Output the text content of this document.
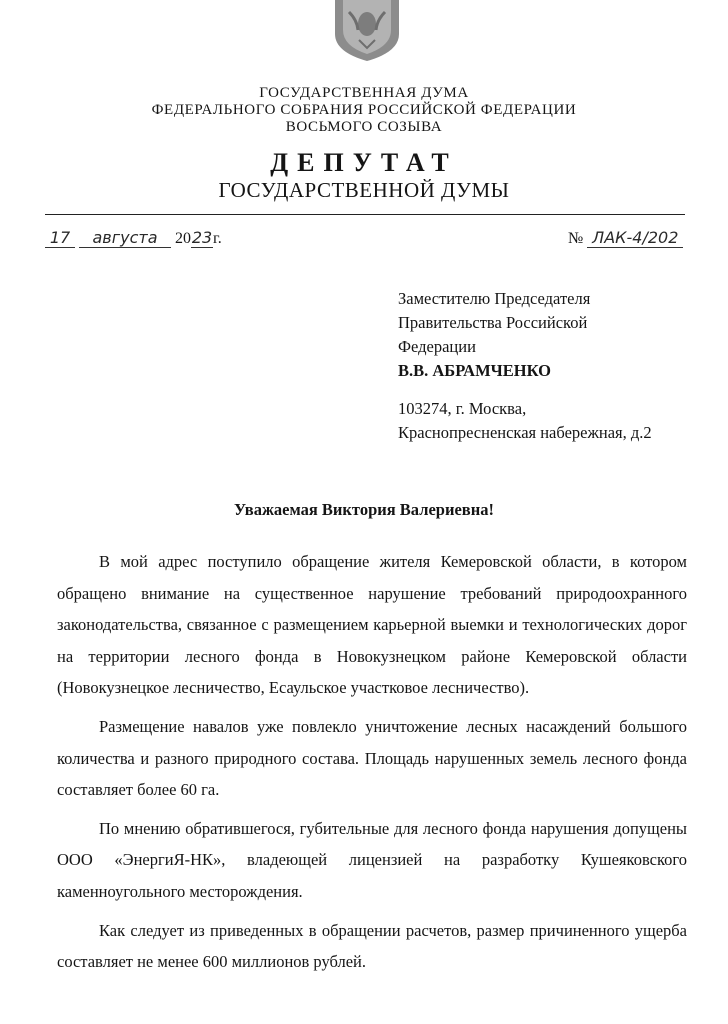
ГОСУДАРСТВЕННАЯ ДУМА
ФЕДЕРАЛЬНОГО СОБРАНИЯ РОССИЙСКОЙ ФЕДЕРАЦИИ
ВОСЬМОГО СОЗЫВА
ДЕПУТАТ
ГОСУДАРСТВЕННОЙ ДУМЫ
17 августа 2023г.	№ ЛАК-4/202
Заместителю Председателя
Правительства Российской
Федерации
В.В. АБРАМЧЕНКО
103274, г. Москва,
Краснопресненская набережная, д.2
Уважаемая Виктория Валериевна!

В мой адрес поступило обращение жителя Кемеровской области, в котором обращено внимание на существенное нарушение требований природоохранного законодательства, связанное с размещением карьерной выемки и технологических дорог на территории лесного фонда в Новокузнецком районе Кемеровской области (Новокузнецкое лесничество, Есаульское участковое лесничество).

Размещение навалов уже повлекло уничтожение лесных насаждений большого количества и разного природного состава. Площадь нарушенных земель лесного фонда составляет более 60 га.

По мнению обратившегося, губительные для лесного фонда нарушения допущены ООО «ЭнергиЯ-НК», владеющей лицензией на разработку Кушеяковского каменноугольного месторождения.

Как следует из приведенных в обращении расчетов, размер причиненного ущерба составляет не менее 600 миллионов рублей.
